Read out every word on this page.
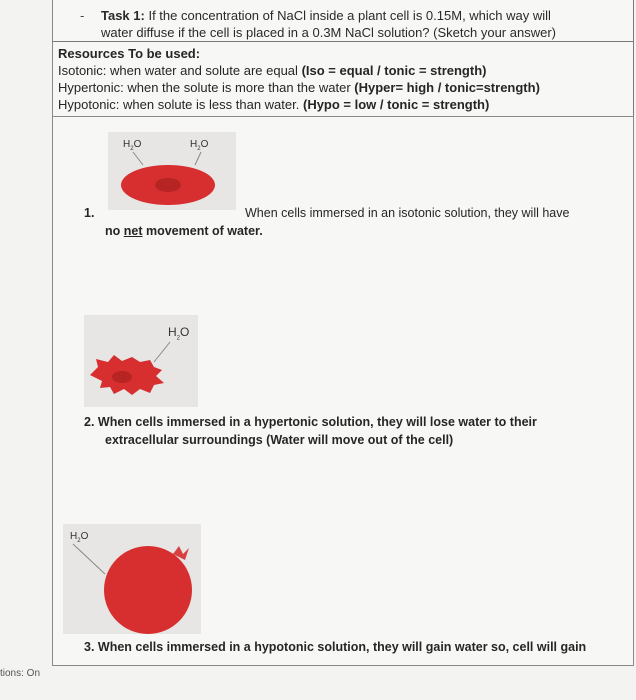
- Task 1: If the concentration of NaCl inside a plant cell is 0.15M, which way will
water diffuse if the cell is placed in a 0.3M NaCl solution? (Sketch your answer)
Resources To be used:
Isotonic: when water and solute are equal (Iso = equal / tonic = strength)
Hypertonic: when the solute is more than the water (Hyper= high / tonic=strength)
Hypotonic: when solute is less than water. (Hypo = low / tonic = strength)
$H_2O$	$H_2O$
1.	When cells immersed in an isotonic solution, they will have
no net movement of water.
$H_2O$
2. When cells immersed in a hypertonic solution, they will lose water to their
extracellular surroundings (Water will move out of the cell)
$H_2O$
3. When cells immersed in a hypotonic solution, they will gain water so, cell will gain
tions: On
